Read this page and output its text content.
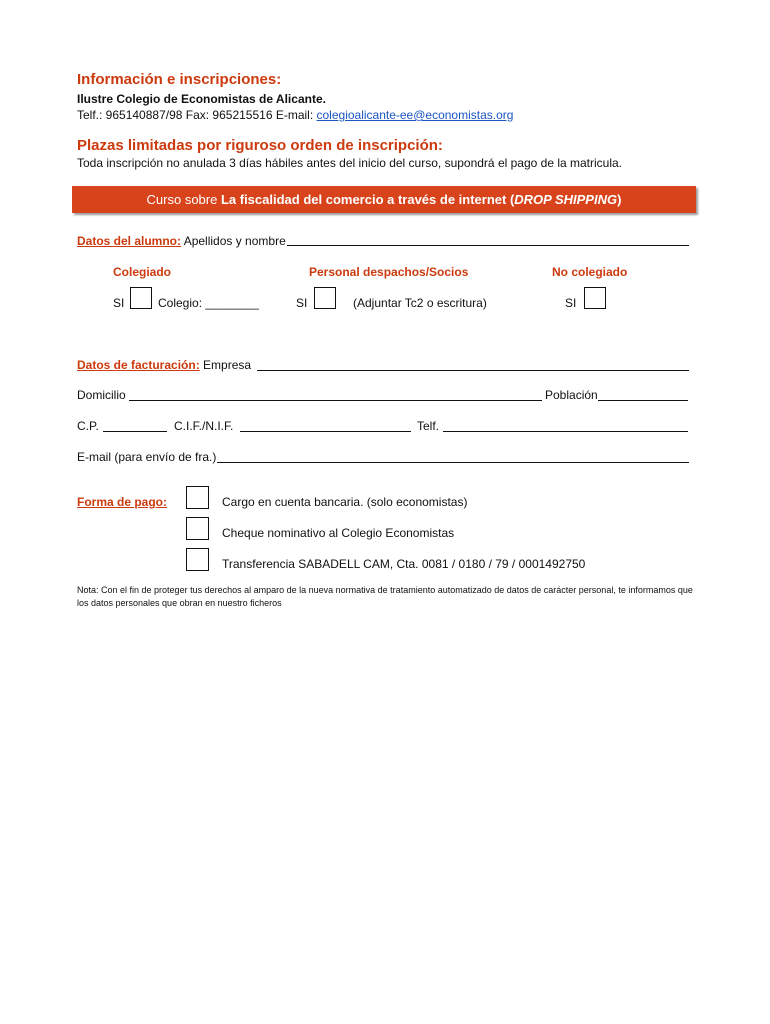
Información e inscripciones:
Ilustre Colegio de Economistas de Alicante.
Telf.: 965140887/98 Fax: 965215516 E-mail: colegioalicante-ee@economistas.org
Plazas limitadas por riguroso orden de inscripción:
Toda inscripción no anulada 3 días hábiles antes del inicio del curso, supondrá el pago de la matricula.
Curso sobre La fiscalidad del comercio a través de internet (DROP SHIPPING)
Datos del alumno: Apellidos y nombre
Colegiado	Personal despachos/Socios	No colegiado
SI	Colegio: ________	SI	(Adjuntar Tc2 o escritura)	SI
Datos de facturación: Empresa
Domicilio	Población
C.P.	C.I.F./N.I.F.	Telf.
E-mail (para envío de fra.)
Forma de pago:	Cargo en cuenta bancaria. (solo economistas)
Cheque nominativo al Colegio Economistas
Transferencia SABADELL CAM, Cta. 0081 / 0180 / 79 / 0001492750
Nota: Con el fin de proteger tus derechos al amparo de la nueva normativa de tratamiento automatizado de datos de carácter personal, te informamos que los datos personales que obran en nuestro ficheros
